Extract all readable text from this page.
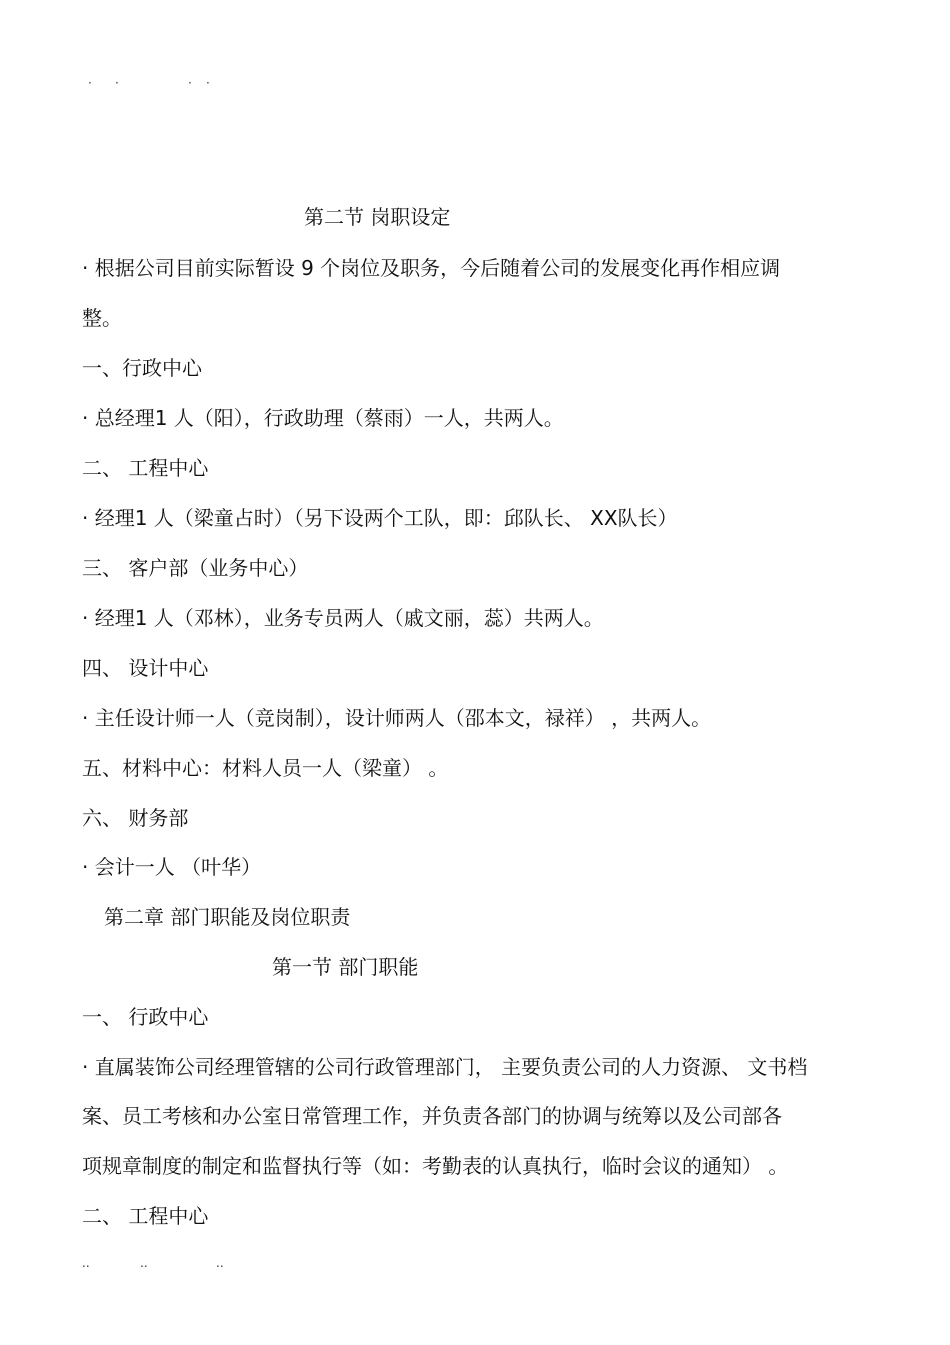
· ·	· ·
第二节 岗职设定
· 根据公司目前实际暂设 9 个岗位及职务，今后随着公司的发展变化再作相应调
整。
一、行政中心
· 总经理1 人（阳），行政助理（蔡雨）一人，共两人。
二、 工程中心
· 经理1 人（梁童占时）（另下设两个工队，即：邱队长、 XX队长）
三、 客户部（业务中心）
· 经理1 人（邓林），业务专员两人（戚文丽，蕊）共两人。
四、 设计中心
· 主任设计师一人（竞岗制），设计师两人（邵本文，禄祥） ，共两人。
五、材料中心：材料人员一人（梁童） 。
六、 财务部
· 会计一人 （叶华）
第二章 部门职能及岗位职责
第一节 部门职能
一、 行政中心
· 直属装饰公司经理管辖的公司行政管理部门， 主要负责公司的人力资源、 文书档
案、员工考核和办公室日常管理工作，并负责各部门的协调与统筹以及公司部各
项规章制度的制定和监督执行等（如：考勤表的认真执行，临时会议的通知） 。
二、 工程中心
..	..	..
